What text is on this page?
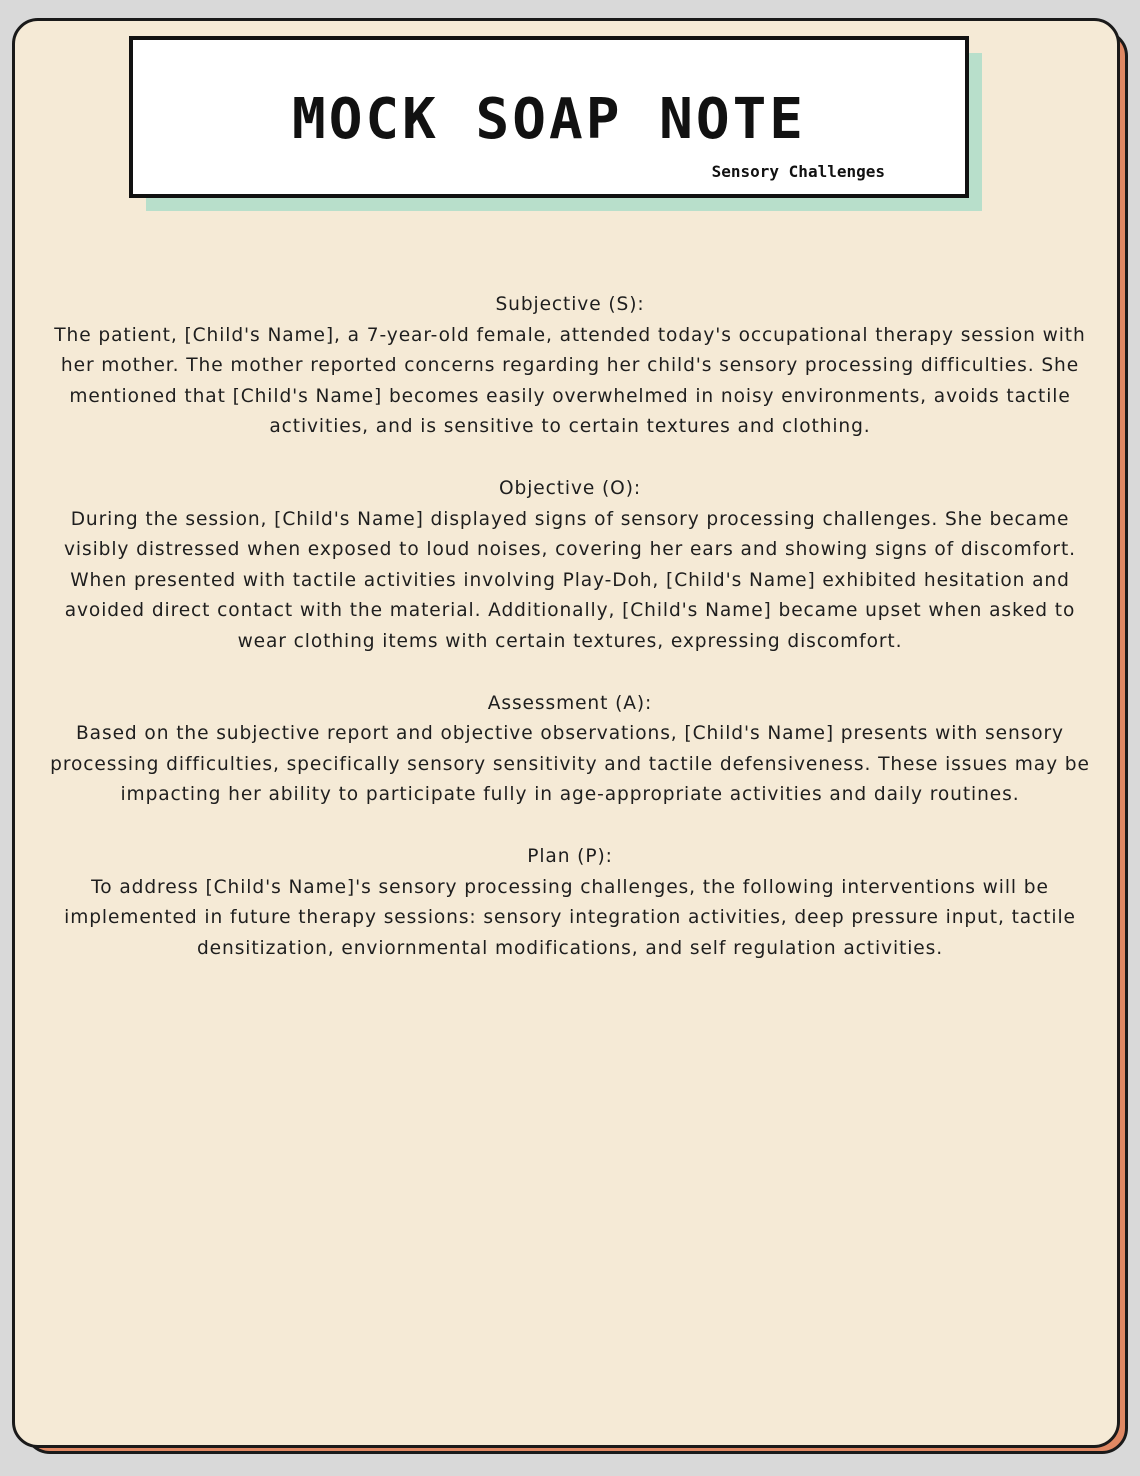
MOCK SOAP NOTE

Sensory Challenges

Subjective (S):
The patient, [Child's Name], a 7-year-old female, attended today's occupational therapy session with her mother. The mother reported concerns regarding her child's sensory processing difficulties. She mentioned that [Child's Name] becomes easily overwhelmed in noisy environments, avoids tactile activities, and is sensitive to certain textures and clothing.
Objective (O):
During the session, [Child's Name] displayed signs of sensory processing challenges. She became visibly distressed when exposed to loud noises, covering her ears and showing signs of discomfort. When presented with tactile activities involving Play-Doh, [Child's Name] exhibited hesitation and avoided direct contact with the material. Additionally, [Child's Name] became upset when asked to wear clothing items with certain textures, expressing discomfort.
Assessment (A):
Based on the subjective report and objective observations, [Child's Name] presents with sensory processing difficulties, specifically sensory sensitivity and tactile defensiveness. These issues may be impacting her ability to participate fully in age-appropriate activities and daily routines.
Plan (P):
To address [Child's Name]'s sensory processing challenges, the following interventions will be implemented in future therapy sessions: sensory integration activities, deep pressure input, tactile densitization, enviornmental modifications, and self regulation activities.
